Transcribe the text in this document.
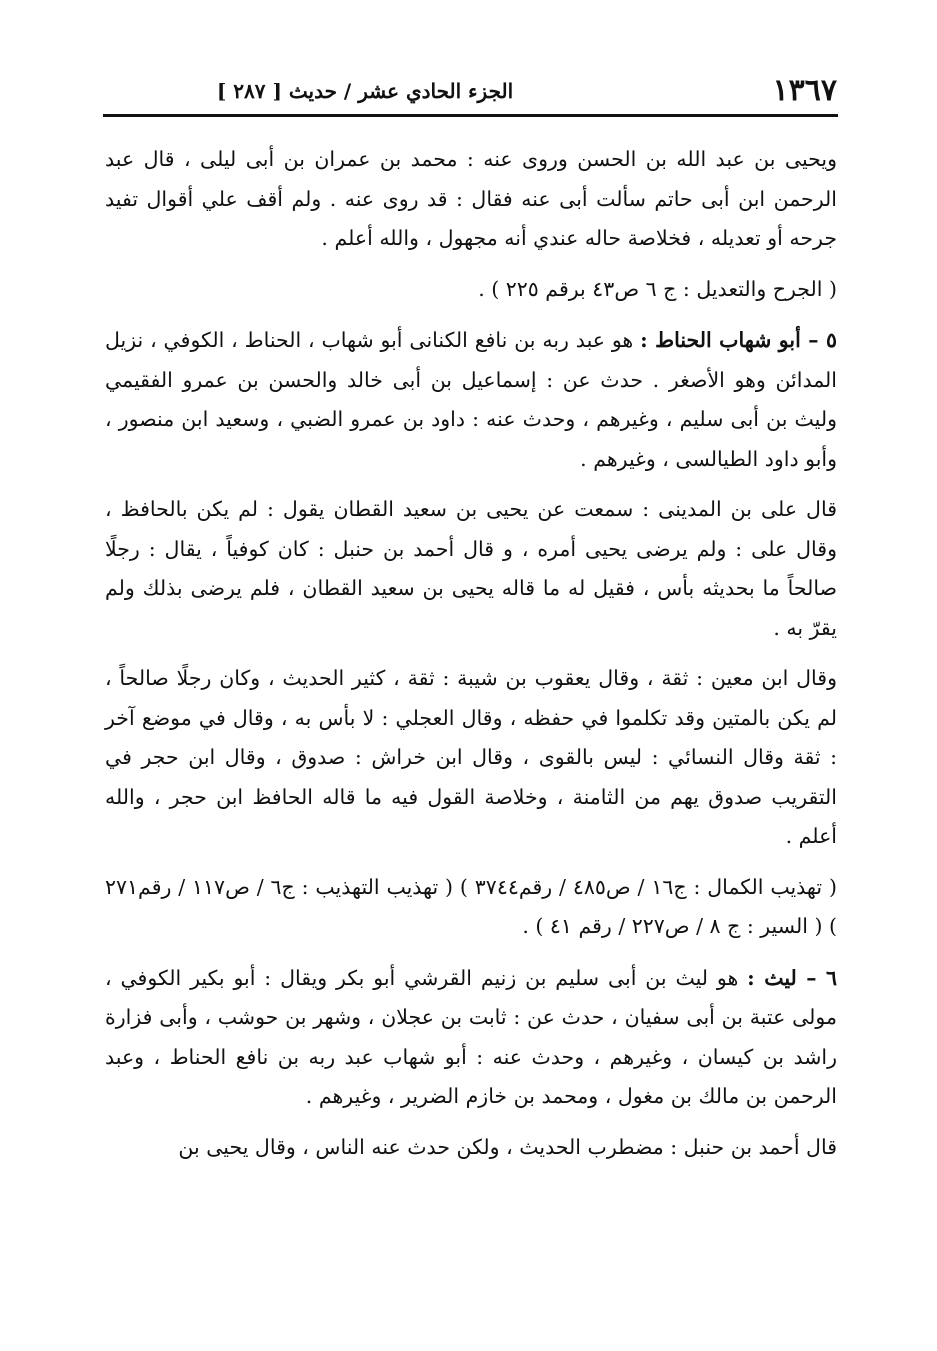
١٣٦٧
الجزء الحادي عشر / حديث [ ٢٨٧ ]

ويحيى بن عبد الله بن الحسن وروى عنه : محمد بن عمران بن أبى ليلى ، قال عبد الرحمن ابن أبى حاتم سألت أبى عنه فقال : قد روى عنه . ولم أقف علي أقوال تفيد جرحه أو تعديله ، فخلاصة حاله عندي أنه مجهول ، والله أعلم .

( الجرح والتعديل : ج ٦ ص٤٣ برقم ٢٢٥ ) .

٥ – أبو شهاب الحناط : هو عبد ربه بن نافع الكنانى أبو شهاب ، الحناط ، الكوفي ، نزيل المدائن وهو الأصغر . حدث عن : إسماعيل بن أبى خالد والحسن بن عمرو الفقيمي وليث بن أبى سليم ، وغيرهم ، وحدث عنه : داود بن عمرو الضبي ، وسعيد ابن منصور ، وأبو داود الطيالسى ، وغيرهم .

قال على بن المدينى : سمعت عن يحيى بن سعيد القطان يقول : لم يكن بالحافظ ، وقال على : ولم يرضى يحيى أمره ، و قال أحمد بن حنبل : كان كوفياً ، يقال : رجلًا صالحاً ما بحديثه بأس ، فقيل له ما قاله يحيى بن سعيد القطان ، فلم يرضى بذلك ولم يقرّ به .

وقال ابن معين : ثقة ، وقال يعقوب بن شيبة : ثقة ، كثير الحديث ، وكان رجلًا صالحاً ، لم يكن بالمتين وقد تكلموا في حفظه ، وقال العجلي : لا بأس به ، وقال في موضع آخر : ثقة وقال النسائي : ليس بالقوى ، وقال ابن خراش : صدوق ، وقال ابن حجر في التقريب صدوق يهم من الثامنة ، وخلاصة القول فيه ما قاله الحافظ ابن حجر ، والله أعلم .

( تهذيب الكمال : ج١٦ / ص٤٨٥ / رقم٣٧٤٤ ) ( تهذيب التهذيب : ج٦ / ص١١٧ / رقم٢٧١ ) ( السير : ج ٨ / ص٢٢٧ / رقم ٤١ ) .

٦ – ليث : هو ليث بن أبى سليم بن زنيم القرشي أبو بكر ويقال : أبو بكير الكوفي ، مولى عتبة بن أبى سفيان ، حدث عن : ثابت بن عجلان ، وشهر بن حوشب ، وأبى فزارة راشد بن كيسان ، وغيرهم ، وحدث عنه : أبو شهاب عبد ربه بن نافع الحناط ، وعبد الرحمن بن مالك بن مغول ، ومحمد بن خازم الضرير ، وغيرهم .

قال أحمد بن حنبل : مضطرب الحديث ، ولكن حدث عنه الناس ، وقال يحيى بن
